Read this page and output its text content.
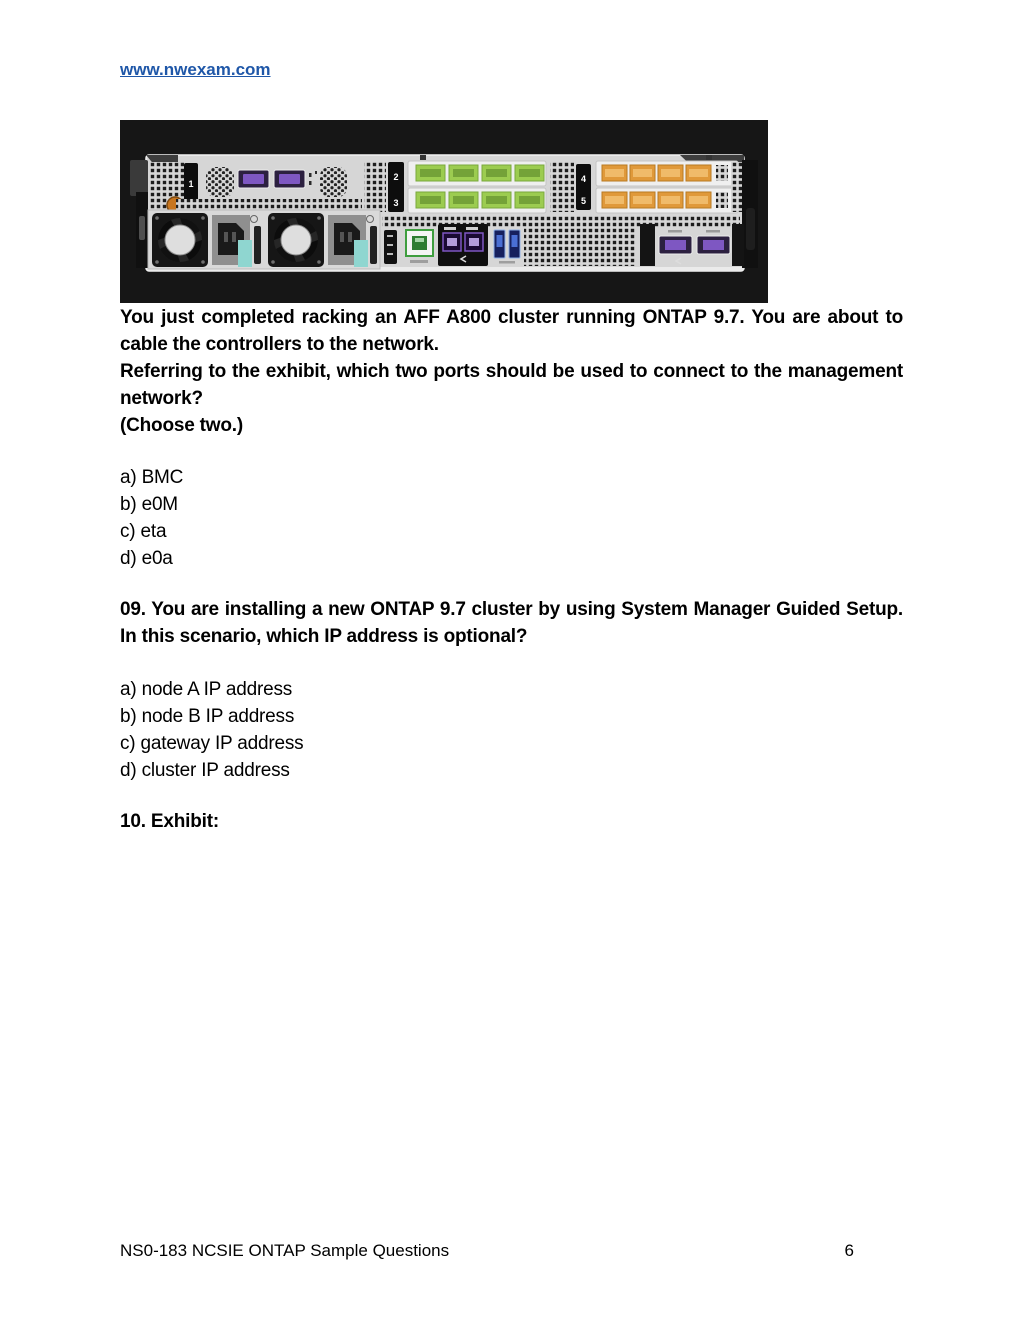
www.nwexam.com
1
2
3
4
5

You just completed racking an AFF A800 cluster running ONTAP 9.7. You are about to cable the controllers to the network.

Referring to the exhibit, which two ports should be used to connect to the management network?

(Choose two.)

a) BMC

b) e0M

c) eta

d) e0a

09. You are installing a new ONTAP 9.7 cluster by using System Manager Guided Setup. In this scenario, which IP address is optional?

a) node A IP address

b) node B IP address

c) gateway IP address

d) cluster IP address

10. Exhibit:

NS0-183 NCSIE ONTAP Sample Questions	6
